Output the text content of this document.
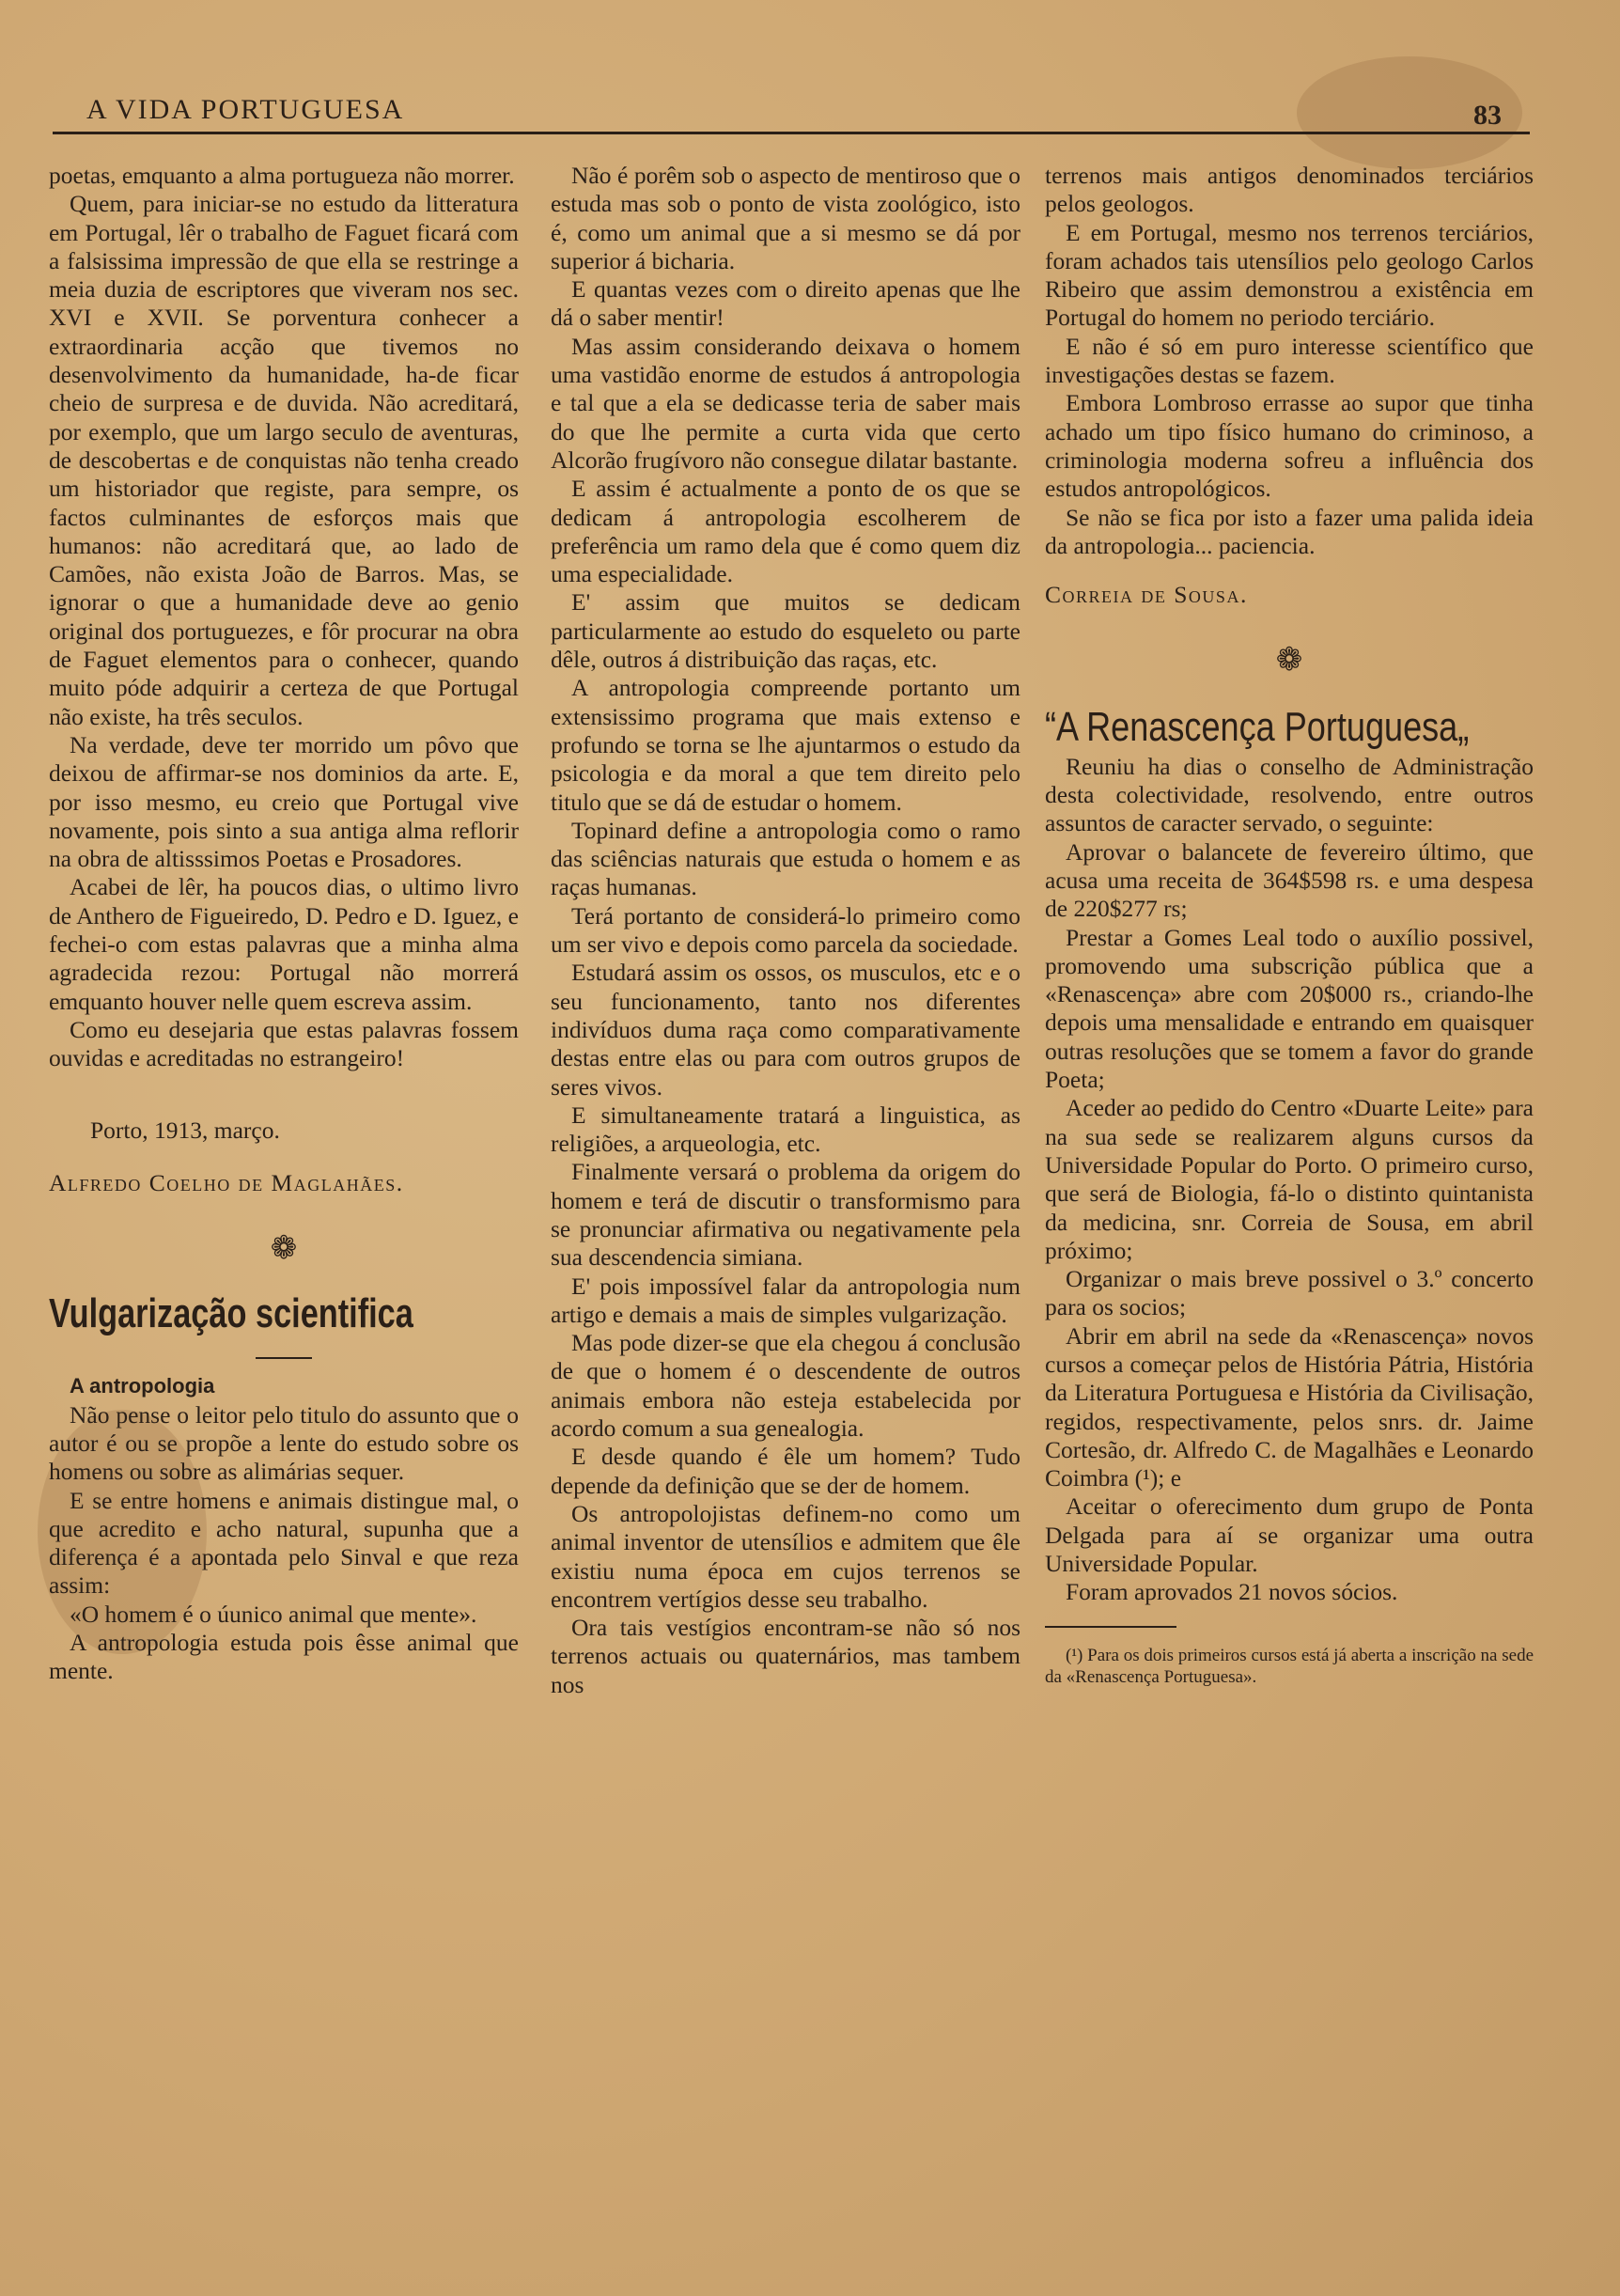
A VIDA PORTUGUESA	83

poetas, emquanto a alma portugueza não morrer.

Quem, para iniciar-se no estudo da litteratura em Portugal, lêr o trabalho de Faguet ficará com a falsissima impressão de que ella se restringe a meia duzia de escriptores que viveram nos sec. XVI e XVII. Se porventura conhecer a extraordinaria acção que tivemos no desenvolvimento da humanidade, ha-de ficar cheio de surpresa e de duvida. Não acreditará, por exemplo, que um largo seculo de aventuras, de descobertas e de conquistas não tenha creado um historiador que registe, para sempre, os factos culminantes de esforços mais que humanos: não acreditará que, ao lado de Camões, não exista João de Barros. Mas, se ignorar o que a humanidade deve ao genio original dos portuguezes, e fôr procurar na obra de Faguet elementos para o conhecer, quando muito póde adquirir a certeza de que Portugal não existe, ha três seculos.

Na verdade, deve ter morrido um pôvo que deixou de affirmar-se nos dominios da arte. E, por isso mesmo, eu creio que Portugal vive novamente, pois sinto a sua antiga alma reflorir na obra de altisssimos Poetas e Prosadores.

Acabei de lêr, ha poucos dias, o ultimo livro de Anthero de Figueiredo, D. Pedro e D. Iguez, e fechei-o com estas palavras que a minha alma agradecida rezou: Portugal não morrerá emquanto houver nelle quem escreva assim.

Como eu desejaria que estas palavras fossem ouvidas e acreditadas no estrangeiro!

Porto, 1913, março.

Alfredo Coelho de Maglahães.

❁

Vulgarização scientifica

A antropologia

Não pense o leitor pelo titulo do assunto que o autor é ou se propõe a lente do estudo sobre os homens ou sobre as alimárias sequer.

E se entre homens e animais distingue mal, o que acredito e acho natural, supunha que a diferença é a apontada pelo Sinval e que reza assim:

«O homem é o úunico animal que mente».

A antropologia estuda pois êsse animal que mente.

Não é porêm sob o aspecto de mentiroso que o estuda mas sob o ponto de vista zoológico, isto é, como um animal que a si mesmo se dá por superior á bicharia.

E quantas vezes com o direito apenas que lhe dá o saber mentir!

Mas assim considerando deixava o homem uma vastidão enorme de estudos á antropologia e tal que a ela se dedicasse teria de saber mais do que lhe permite a curta vida que certo Alcorão frugívoro não consegue dilatar bastante.

E assim é actualmente a ponto de os que se dedicam á antropologia escolherem de preferência um ramo dela que é como quem diz uma especialidade.

E' assim que muitos se dedicam particularmente ao estudo do esqueleto ou parte dêle, outros á distribuição das raças, etc.

A antropologia compreende portanto um extensissimo programa que mais extenso e profundo se torna se lhe ajuntarmos o estudo da psicologia e da moral a que tem direito pelo titulo que se dá de estudar o homem.

Topinard define a antropologia como o ramo das sciências naturais que estuda o homem e as raças humanas.

Terá portanto de considerá-lo primeiro como um ser vivo e depois como parcela da sociedade.

Estudará assim os ossos, os musculos, etc e o seu funcionamento, tanto nos diferentes indivíduos duma raça como comparativamente destas entre elas ou para com outros grupos de seres vivos.

E simultaneamente tratará a linguistica, as religiões, a arqueologia, etc.

Finalmente versará o problema da origem do homem e terá de discutir o transformismo para se pronunciar afirmativa ou negativamente pela sua descendencia simiana.

E' pois impossível falar da antropologia num artigo e demais a mais de simples vulgarização.

Mas pode dizer-se que ela chegou á conclusão de que o homem é o descendente de outros animais embora não esteja estabelecida por acordo comum a sua genealogia.

E desde quando é êle um homem? Tudo depende da definição que se der de homem.

Os antropolojistas definem-no como um animal inventor de utensílios e admitem que êle existiu numa época em cujos terrenos se encontrem vertígios desse seu trabalho.

Ora tais vestígios encontram-se não só nos terrenos actuais ou quaternários, mas tambem nos

terrenos mais antigos denominados terciários pelos geologos.

E em Portugal, mesmo nos terrenos terciários, foram achados tais utensílios pelo geologo Carlos Ribeiro que assim demonstrou a existência em Portugal do homem no periodo terciário.

E não é só em puro interesse scientífico que investigações destas se fazem.

Embora Lombroso errasse ao supor que tinha achado um tipo físico humano do criminoso, a criminologia moderna sofreu a influência dos estudos antropológicos.

Se não se fica por isto a fazer uma palida ideia da antropologia... paciencia.

Correia de Sousa.

❁

“A Renascença Portuguesa„

Reuniu ha dias o conselho de Administração desta colectividade, resolvendo, entre outros assuntos de caracter servado, o seguinte:

Aprovar o balancete de fevereiro último, que acusa uma receita de 364$598 rs. e uma despesa de 220$277 rs;

Prestar a Gomes Leal todo o auxílio possivel, promovendo uma subscrição pública que a «Renascença» abre com 20$000 rs., criando-lhe depois uma mensalidade e entrando em quaisquer outras resoluções que se tomem a favor do grande Poeta;

Aceder ao pedido do Centro «Duarte Leite» para na sua sede se realizarem alguns cursos da Universidade Popular do Porto. O primeiro curso, que será de Biologia, fá-lo o distinto quintanista da medicina, snr. Correia de Sousa, em abril próximo;

Organizar o mais breve possivel o 3.º concerto para os socios;

Abrir em abril na sede da «Renascença» novos cursos a começar pelos de História Pátria, História da Literatura Portuguesa e História da Civilisação, regidos, respectivamente, pelos snrs. dr. Jaime Cortesão, dr. Alfredo C. de Magalhães e Leonardo Coimbra (¹); e

Aceitar o oferecimento dum grupo de Ponta Delgada para aí se organizar uma outra Universidade Popular.

Foram aprovados 21 novos sócios.

(¹) Para os dois primeiros cursos está já aberta a inscrição na sede da «Renascença Portuguesa».
